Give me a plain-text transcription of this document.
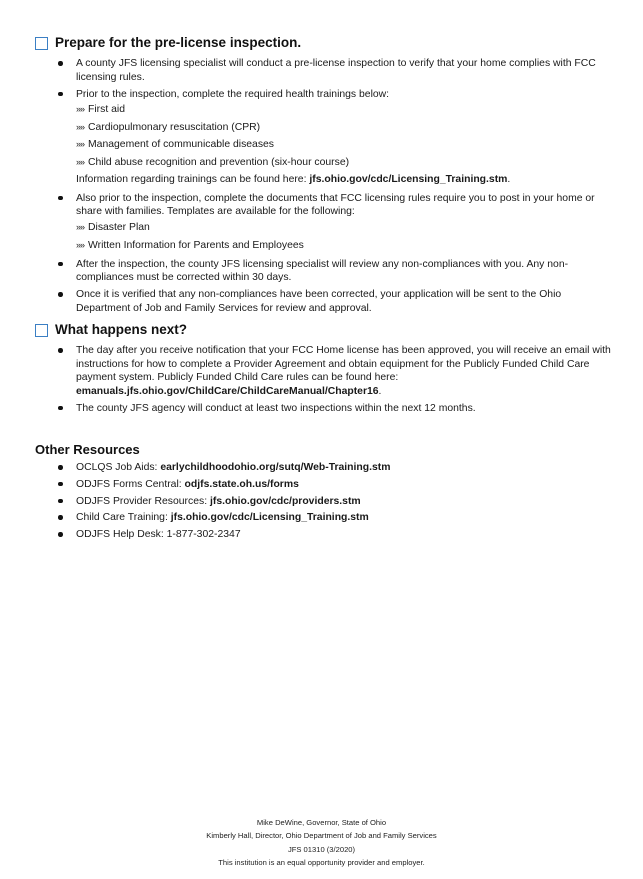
Prepare for the pre-license inspection.
A county JFS licensing specialist will conduct a pre-license inspection to verify that your home complies with FCC licensing rules.
Prior to the inspection, complete the required health trainings below:
»» First aid
»» Cardiopulmonary resuscitation (CPR)
»» Management of communicable diseases
»» Child abuse recognition and prevention (six-hour course)
Information regarding trainings can be found here: jfs.ohio.gov/cdc/Licensing_Training.stm.
Also prior to the inspection, complete the documents that FCC licensing rules require you to post in your home or share with families. Templates are available for the following:
»» Disaster Plan
»» Written Information for Parents and Employees
After the inspection, the county JFS licensing specialist will review any non-compliances with you. Any non-compliances must be corrected within 30 days.
Once it is verified that any non-compliances have been corrected, your application will be sent to the Ohio Department of Job and Family Services for review and approval.
What happens next?
The day after you receive notification that your FCC Home license has been approved, you will receive an email with instructions for how to complete a Provider Agreement and obtain equipment for the Publicly Funded Child Care payment system. Publicly Funded Child Care rules can be found here:
emanuals.jfs.ohio.gov/ChildCare/ChildCareManual/Chapter16.
The county JFS agency will conduct at least two inspections within the next 12 months.
Other Resources
OCLQS Job Aids: earlychildhoodohio.org/sutq/Web-Training.stm
ODJFS Forms Central: odjfs.state.oh.us/forms
ODJFS Provider Resources: jfs.ohio.gov/cdc/providers.stm
Child Care Training: jfs.ohio.gov/cdc/Licensing_Training.stm
ODJFS Help Desk: 1-877-302-2347
Mike DeWine, Governor, State of Ohio
Kimberly Hall, Director, Ohio Department of Job and Family Services
JFS 01310 (3/2020)
This institution is an equal opportunity provider and employer.
